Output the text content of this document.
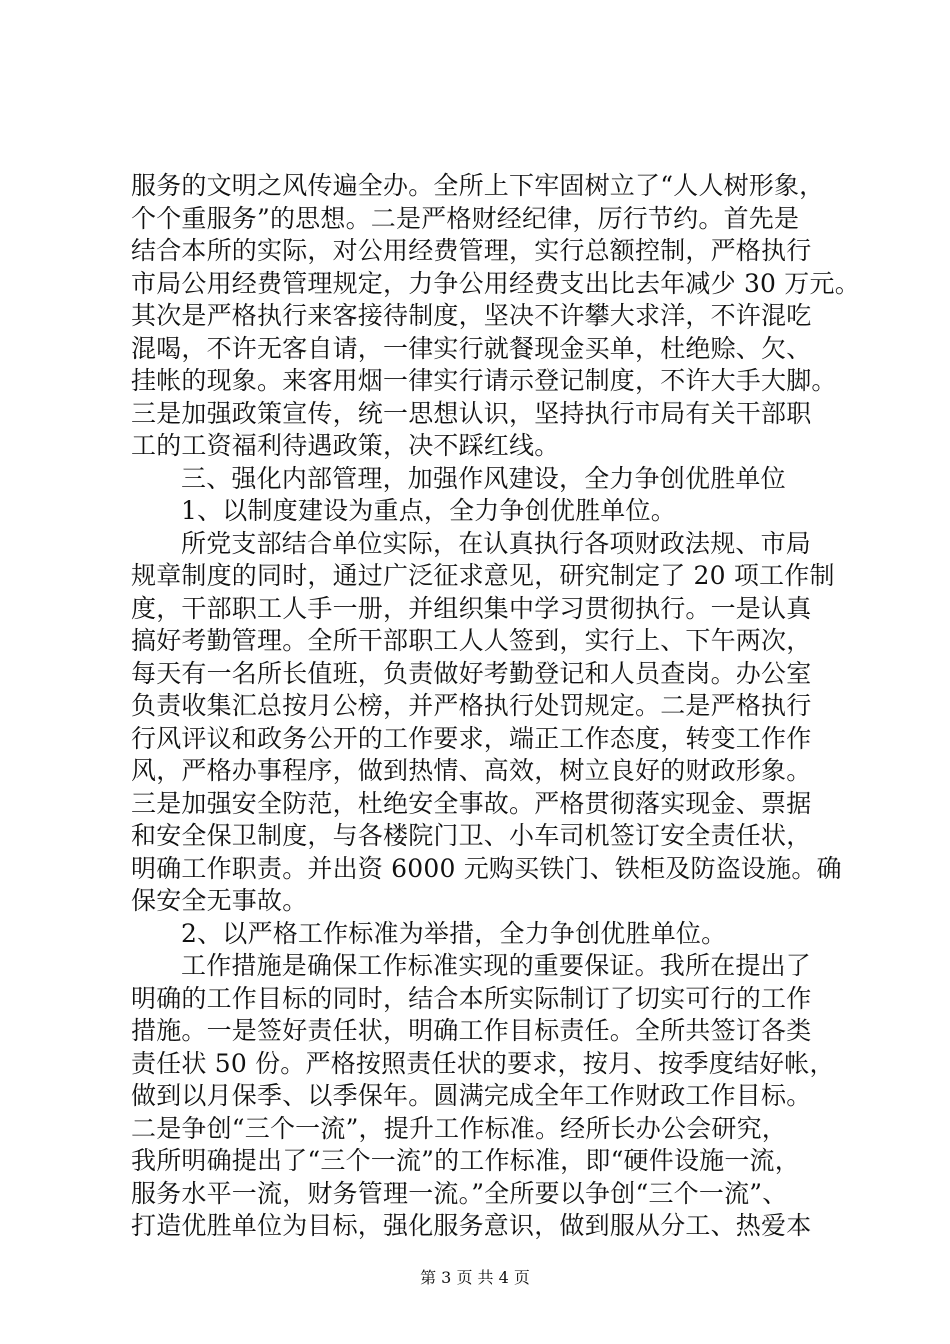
服务的文明之风传遍全办。全所上下牢固树立了“人人树形象，
个个重服务”的思想。二是严格财经纪律，厉行节约。首先是
结合本所的实际，对公用经费管理，实行总额控制，严格执行
市局公用经费管理规定，力争公用经费支出比去年减少 30 万元。
其次是严格执行来客接待制度，坚决不许攀大求洋，不许混吃
混喝，不许无客自请，一律实行就餐现金买单，杜绝赊、欠、
挂帐的现象。来客用烟一律实行请示登记制度，不许大手大脚。
三是加强政策宣传，统一思想认识，坚持执行市局有关干部职
工的工资福利待遇政策，决不踩红线。
三、强化内部管理，加强作风建设，全力争创优胜单位
1、以制度建设为重点，全力争创优胜单位。
所党支部结合单位实际，在认真执行各项财政法规、市局
规章制度的同时，通过广泛征求意见，研究制定了 20 项工作制
度，干部职工人手一册，并组织集中学习贯彻执行。一是认真
搞好考勤管理。全所干部职工人人签到，实行上、下午两次，
每天有一名所长值班，负责做好考勤登记和人员查岗。办公室
负责收集汇总按月公榜，并严格执行处罚规定。二是严格执行
行风评议和政务公开的工作要求，端正工作态度，转变工作作
风，严格办事程序，做到热情、高效，树立良好的财政形象。
三是加强安全防范，杜绝安全事故。严格贯彻落实现金、票据
和安全保卫制度，与各楼院门卫、小车司机签订安全责任状，
明确工作职责。并出资 6000 元购买铁门、铁柜及防盗设施。确
保安全无事故。
2、以严格工作标准为举措，全力争创优胜单位。
工作措施是确保工作标准实现的重要保证。我所在提出了
明确的工作目标的同时，结合本所实际制订了切实可行的工作
措施。一是签好责任状，明确工作目标责任。全所共签订各类
责任状 50 份。严格按照责任状的要求，按月、按季度结好帐，
做到以月保季、以季保年。圆满完成全年工作财政工作目标。
二是争创“三个一流”，提升工作标准。经所长办公会研究，
我所明确提出了“三个一流”的工作标准，即“硬件设施一流，
服务水平一流，财务管理一流。”全所要以争创“三个一流”、
打造优胜单位为目标，强化服务意识，做到服从分工、热爱本
第 3 页 共 4 页
